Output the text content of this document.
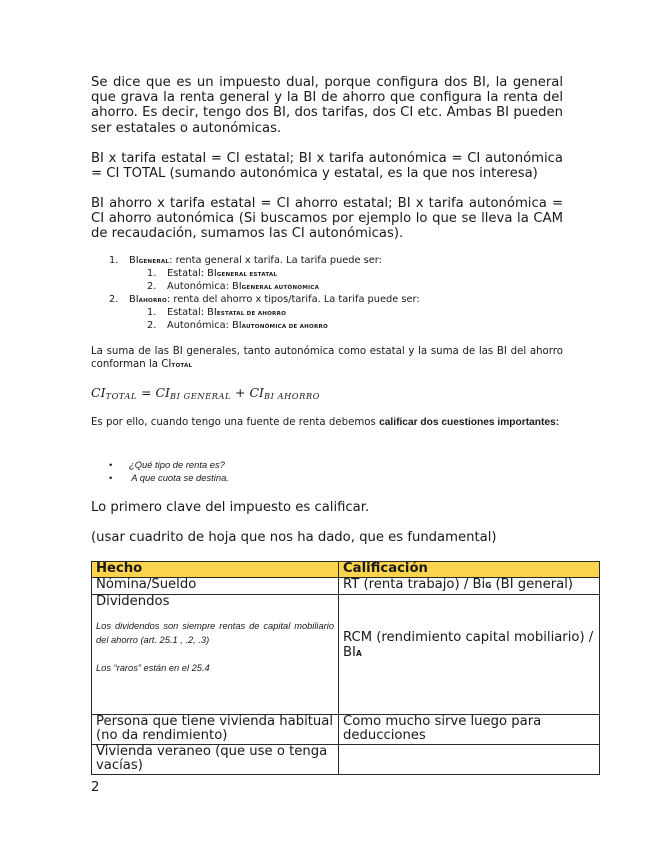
Se dice que es un impuesto dual, porque configura dos BI, la general que grava la renta general y la BI de ahorro que configura la renta del ahorro. Es decir, tengo dos BI, dos tarifas, dos CI etc. Ambas BI pueden ser estatales o autonómicas.

BI x tarifa estatal = CI estatal; BI x tarifa autonómica = CI autonómica = CI TOTAL (sumando autonómica y estatal, es la que nos interesa)

BI ahorro x tarifa estatal = CI ahorro estatal; BI x tarifa autonómica = CI ahorro autonómica (Si buscamos por ejemplo lo que se lleva la CAM de recaudación, sumamos las CI autonómicas).

1. BIGENERAL: renta general x tarifa. La tarifa puede ser:
1. Estatal: BIGENERAL ESTATAL
2. Autonómica: BIGENERAL AUTÓNOMICA
2. BIAHORRO: renta del ahorro x tipos/tarifa. La tarifa puede ser:
1. Estatal: BIESTATAL DE AHORRO
2. Autonómica: BIAUTONÓMICA DE AHORRO

La suma de las BI generales, tanto autonómica como estatal y la suma de las BI del ahorro conforman la CITOTAL

$CI_{TOTAL} = CI_{BI GENERAL} + CI_{BI AHORRO}$

Es por ello, cuando tengo una fuente de renta debemos calificar dos cuestiones importantes:

• ¿Qué tipo de renta es?
• A que cuota se destina.
Lo primero clave del impuesto es calificar.
(usar cuadrito de hoja que nos ha dado, que es fundamental)
Hecho	Calificación
Nómina/Sueldo	RT (renta trabajo) / BiG (BI general)

Dividendos

Los dividendos son siempre rentas de capital mobiliario del ahorro (art. 25.1 , .2, .3)

Los “raros” están en el 25.4	RCM (rendimiento capital mobiliario) / BIA

Persona que tiene vivienda habitual (no da rendimiento)	Como mucho sirve luego para deducciones
Vivienda veraneo (que use o tenga vacías)	
2
